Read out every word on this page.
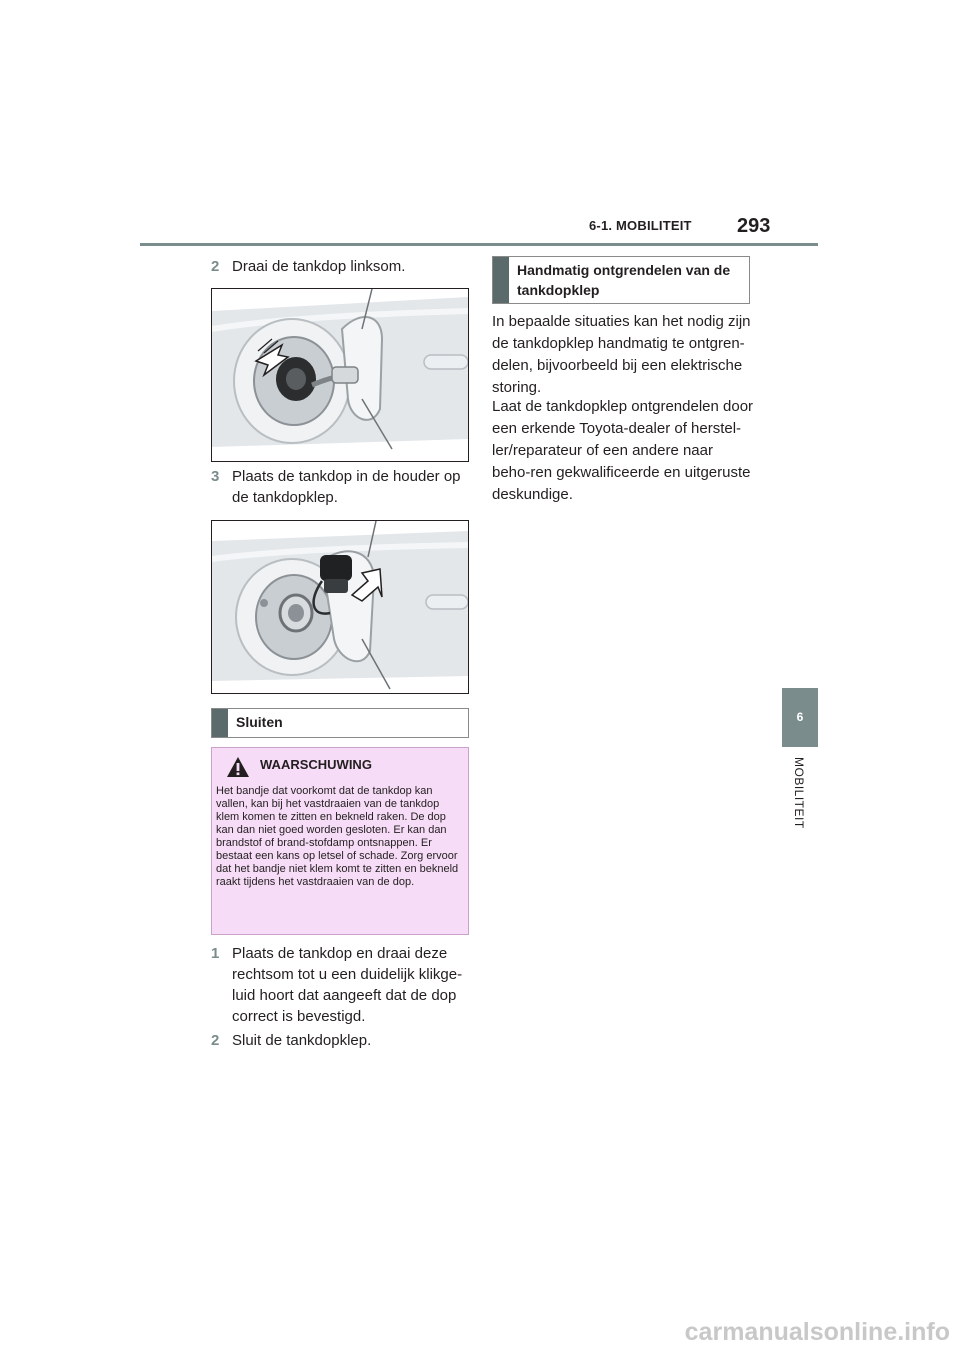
6-1. MOBILITEIT 293
2 Draai de tankdop linksom.
3 Plaats de tankdop in de houder op de tankdopklep.
Sluiten
WAARSCHUWING
Het bandje dat voorkomt dat de tankdop kan vallen, kan bij het vastdraaien van de tankdop klem komen te zitten en bekneld raken. De dop kan dan niet goed worden gesloten. Er kan dan brandstof of brand-stofdamp ontsnappen. Er bestaat een kans op letsel of schade. Zorg ervoor dat het bandje niet klem komt te zitten en bekneld raakt tijdens het vastdraaien van de dop.
1 Plaats de tankdop en draai deze rechtsom tot u een duidelijk klikge-luid hoort dat aangeeft dat de dop correct is bevestigd.
2 Sluit de tankdopklep.
Handmatig ontgrendelen van de tankdopklep
In bepaalde situaties kan het nodig zijn de tankdopklep handmatig te ontgren-delen, bijvoorbeeld bij een elektrische storing.
Laat de tankdopklep ontgrendelen door een erkende Toyota-dealer of herstel-ler/reparateur of een andere naar beho-ren gekwalificeerde en uitgeruste deskundige.
6
MOBILITEIT
carmanualsonline.info
